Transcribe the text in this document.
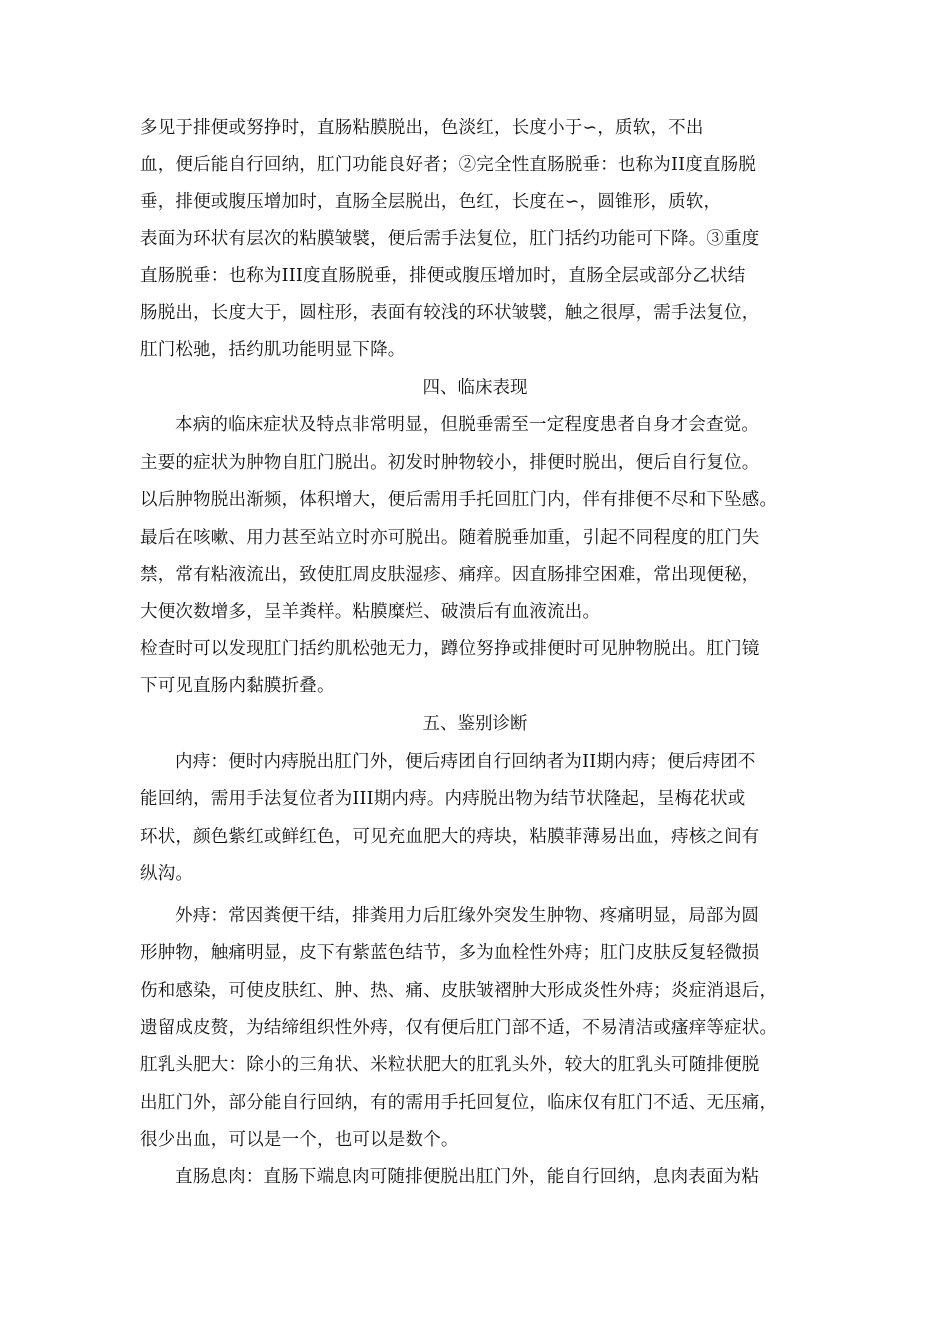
多见于排便或努挣时，直肠粘膜脱出，色淡红，长度小于∽，质软，不出
血，便后能自行回纳，肛门功能良好者；②完全性直肠脱垂：也称为II度直肠脱
垂，排便或腹压增加时，直肠全层脱出，色红，长度在∽，圆锥形，质软，
表面为环状有层次的粘膜皱襞，便后需手法复位，肛门括约功能可下降。③重度
直肠脱垂：也称为III度直肠脱垂，排便或腹压增加时，直肠全层或部分乙状结
肠脱出，长度大于，圆柱形，表面有较浅的环状皱襞，触之很厚，需手法复位，
肛门松驰，括约肌功能明显下降。
四、临床表现
本病的临床症状及特点非常明显，但脱垂需至一定程度患者自身才会查觉。
主要的症状为肿物自肛门脱出。初发时肿物较小，排便时脱出，便后自行复位。
以后肿物脱出渐频，体积增大，便后需用手托回肛门内，伴有排便不尽和下坠感。
最后在咳嗽、用力甚至站立时亦可脱出。随着脱垂加重，引起不同程度的肛门失
禁，常有粘液流出，致使肛周皮肤湿疹、痛痒。因直肠排空困难，常出现便秘，
大便次数增多，呈羊粪样。粘膜糜烂、破溃后有血液流出。
检查时可以发现肛门括约肌松弛无力，蹲位努挣或排便时可见肿物脱出。肛门镜
下可见直肠内黏膜折叠。
五、鉴别诊断
内痔：便时内痔脱出肛门外，便后痔团自行回纳者为II期内痔；便后痔团不
能回纳，需用手法复位者为III期内痔。内痔脱出物为结节状隆起，呈梅花状或
环状，颜色紫红或鲜红色，可见充血肥大的痔块，粘膜菲薄易出血，痔核之间有
纵沟。
外痔：常因粪便干结，排粪用力后肛缘外突发生肿物、疼痛明显，局部为圆
形肿物，触痛明显，皮下有紫蓝色结节，多为血栓性外痔；肛门皮肤反复轻微损
伤和感染，可使皮肤红、肿、热、痛、皮肤皱褶肿大形成炎性外痔；炎症消退后，
遗留成皮赘，为结缔组织性外痔，仅有便后肛门部不适，不易清洁或瘙痒等症状。
肛乳头肥大：除小的三角状、米粒状肥大的肛乳头外，较大的肛乳头可随排便脱
出肛门外，部分能自行回纳，有的需用手托回复位，临床仅有肛门不适、无压痛，
很少出血，可以是一个，也可以是数个。
直肠息肉：直肠下端息肉可随排便脱出肛门外，能自行回纳，息肉表面为粘
